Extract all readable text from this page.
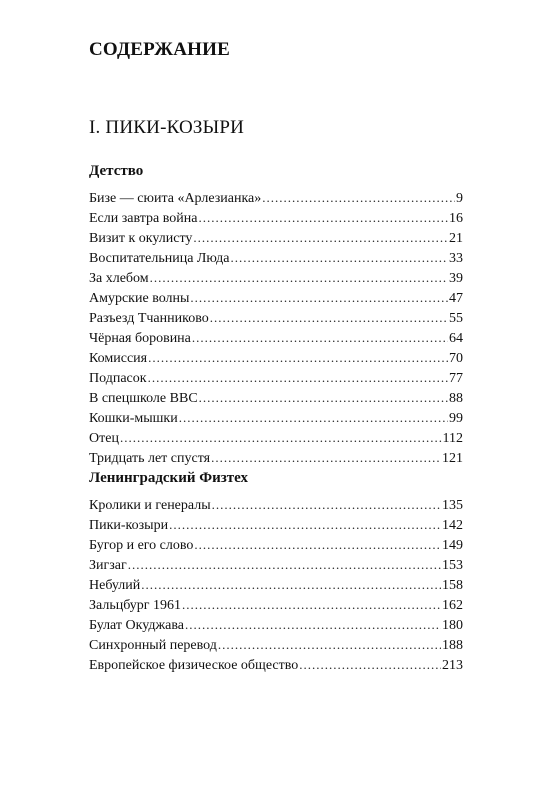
СОДЕРЖАНИЕ
I. ПИКИ-КОЗЫРИ
Детство
Бизе — сюита «Арлезианка» .....	9
Если завтра война .....	16
Визит к окулисту .....	21
Воспитательница Люда .....	33
За хлебом .....	39
Амурские волны .....	47
Разъезд Тчанниково .....	55
Чёрная боровина .....	64
Комиссия .....	70
Подпасок .....	77
В спецшколе ВВС .....	88
Кошки-мышки .....	99
Отец .....	112
Тридцать лет спустя .....	121
Ленинградский Физтех
Кролики и генералы .....	135
Пики-козыри .....	142
Бугор и его слово .....	149
Зигзаг .....	153
Небулий .....	158
Зальцбург 1961 .....	162
Булат Окуджава .....	180
Синхронный перевод .....	188
Европейское физическое общество .....	213
